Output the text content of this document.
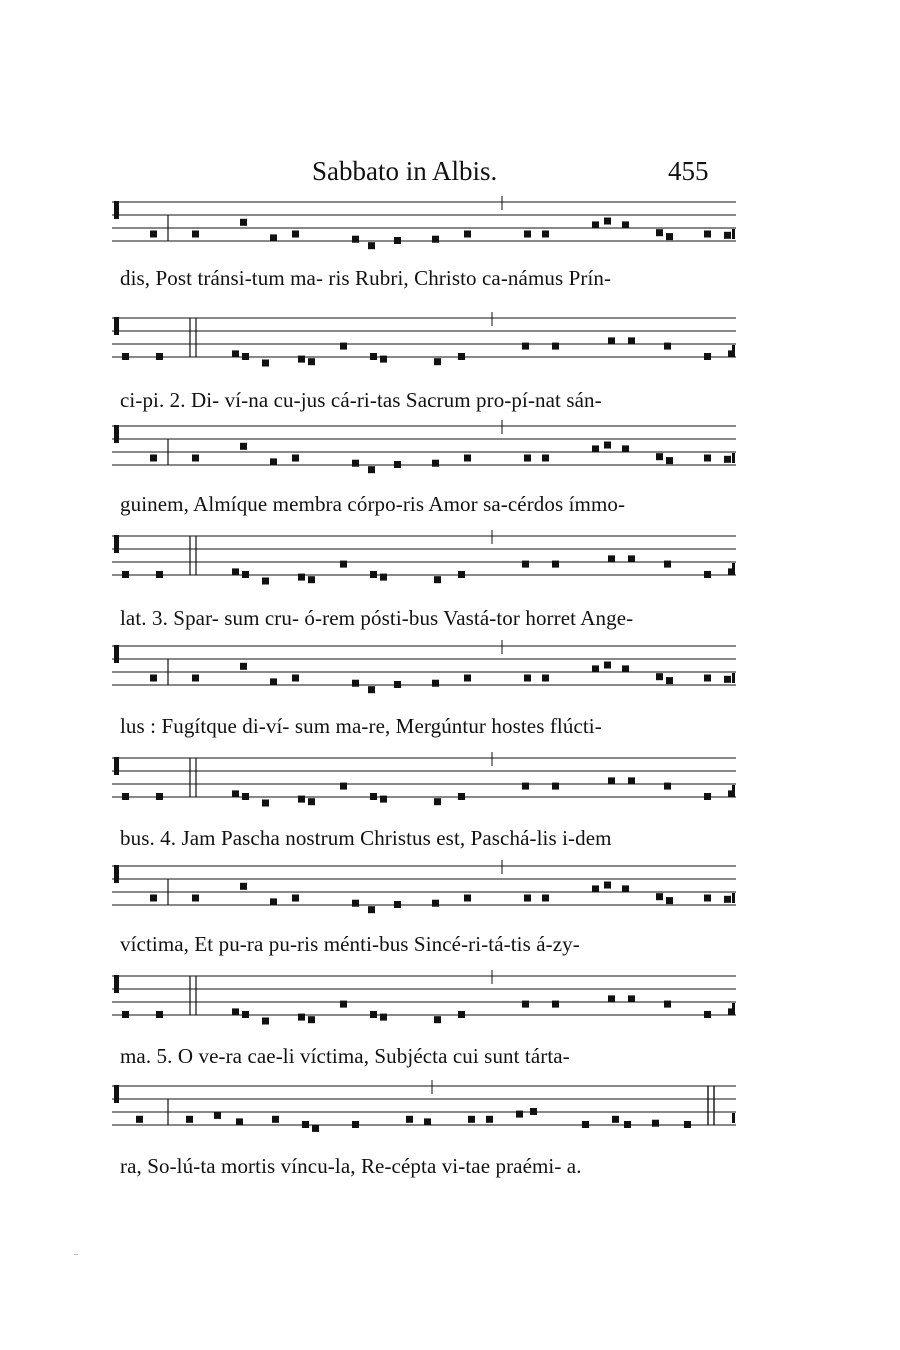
Sabbato in Albis.	455
dis, Post tránsi-tum ma- ris Rubri, Christo ca-námus Prín-
ci-pi. 2. Di- ví-na cu-jus cá-ri-tas Sacrum pro-pí-nat sán-
guinem, Almíque membra córpo-ris Amor sa-cérdos ímmo-
lat. 3. Spar- sum cru- ó-rem pósti-bus Vastá-tor horret Ange-
lus : Fugítque di-ví- sum ma-re, Mergúntur hostes flúcti-
bus. 4. Jam Pascha nostrum Christus est, Paschá-lis i-dem
víctima, Et pu-ra pu-ris ménti-bus Sincé-ri-tá-tis á-zy-
ma. 5. O ve-ra cae-li víctima, Subjécta cui sunt tárta-
ra, So-lú-ta mortis víncu-la, Re-cépta vi-tae praémi- a.
